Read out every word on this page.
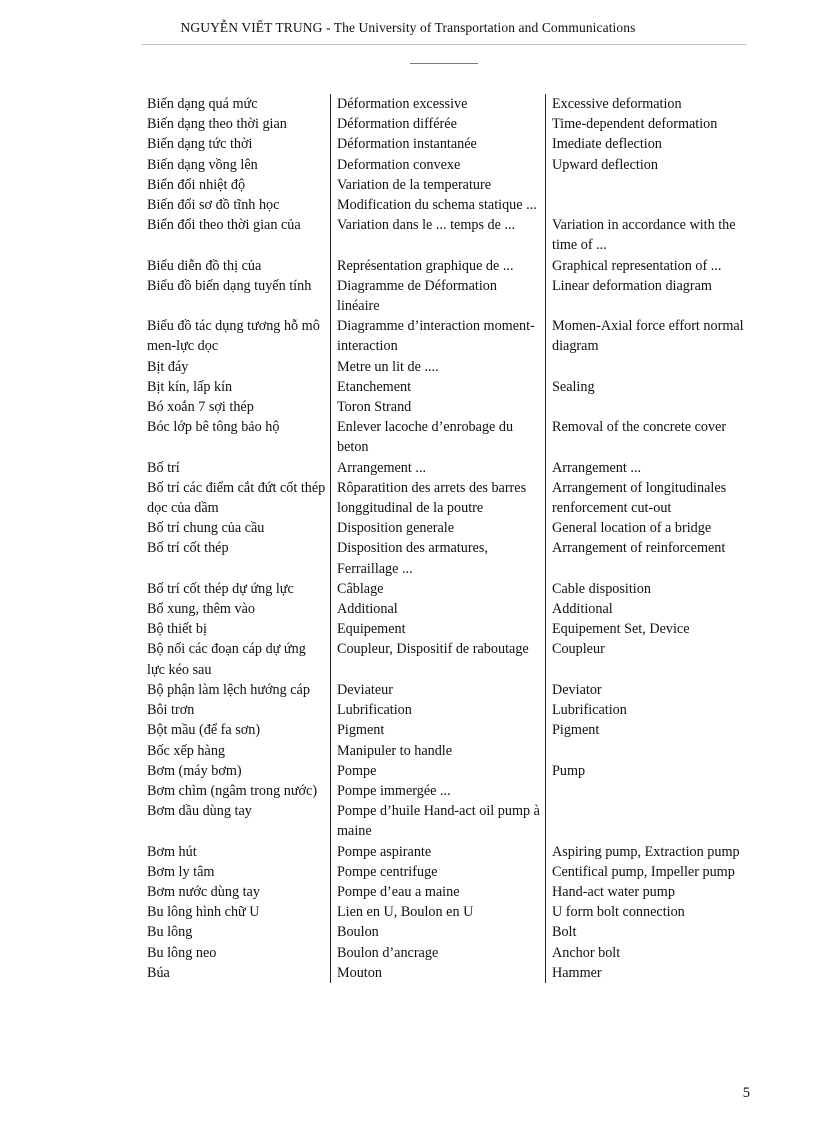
NGUYỄN VIẾT TRUNG - The University of Transportation and Communications
Biến dạng quá mức	Déformation excessive	Excessive deformation
Biến dạng theo thời gian	Déformation différée	Time-dependent deformation
Biến dạng tức thời	Déformation instantanée	Imediate deflection
Biến dạng vồng lên	Deformation convexe	Upward deflection
Biến đổi nhiệt độ	Variation de la temperature	
Biến đổi sơ đồ tĩnh học	Modification du schema statique ...	
Biến đổi theo thời gian của	Variation dans le ... temps de ...	Variation in accordance with the time of ...
Biểu diễn đồ thị của	Représentation graphique de ...	Graphical representation of ...
Biểu đồ biến dạng tuyến tính	Diagramme de Déformation linéaire	Linear deformation diagram
Biểu đồ tác dụng tương hỗ mô men-lực dọc	Diagramme d’interaction moment-interaction	Momen-Axial force effort normal diagram
Bịt đáy	Metre un lit de ....	
Bịt kín, lấp kín	Etanchement	Sealing
Bó xoắn 7 sợi thép	Toron Strand	
Bóc lớp bê tông bảo hộ	Enlever lacoche d’enrobage du beton	Removal of the concrete cover
Bố trí	Arrangement ...	Arrangement ...
Bố trí các điểm cắt đứt cốt thép dọc của dầm	Rôparatition des arrets des barres longgitudinal de la poutre	Arrangement of longitudinales renforcement cut-out
Bố trí chung của cầu	Disposition generale	General location of a bridge
Bố trí cốt thép	Disposition des armatures, Ferraillage ...	Arrangement of reinforcement
Bố trí cốt thép dự ứng lực	Câblage	Cable disposition
Bổ xung, thêm vào	Additional	Additional
Bộ thiết bị	Equipement	Equipement Set, Device
Bộ nối các đoạn cáp dự ứng lực kéo sau	Coupleur, Dispositif de raboutage	Coupleur
Bộ phận làm lệch hướng cáp	Deviateur	Deviator
Bôi trơn	Lubrification	Lubrification
Bột mầu (để fa sơn)	Pigment	Pigment
Bốc xếp hàng	Manipuler to handle	
Bơm (máy bơm)	Pompe	Pump
Bơm chìm (ngâm trong nước)	Pompe immergée ...	
Bơm dầu dùng tay	Pompe d’huile Hand-act oil pump à maine	
Bơm hút	Pompe aspirante	Aspiring pump, Extraction pump
Bơm ly tâm	Pompe centrifuge	Centifical pump, Impeller pump
Bơm nước dùng tay	Pompe d’eau a maine	Hand-act water pump
Bu lông hình chữ U	Lien en U, Boulon en U	U form bolt connection
Bu lông	Boulon	Bolt
Bu lông neo	Boulon d’ancrage	Anchor bolt
Búa	Mouton	Hammer
5
